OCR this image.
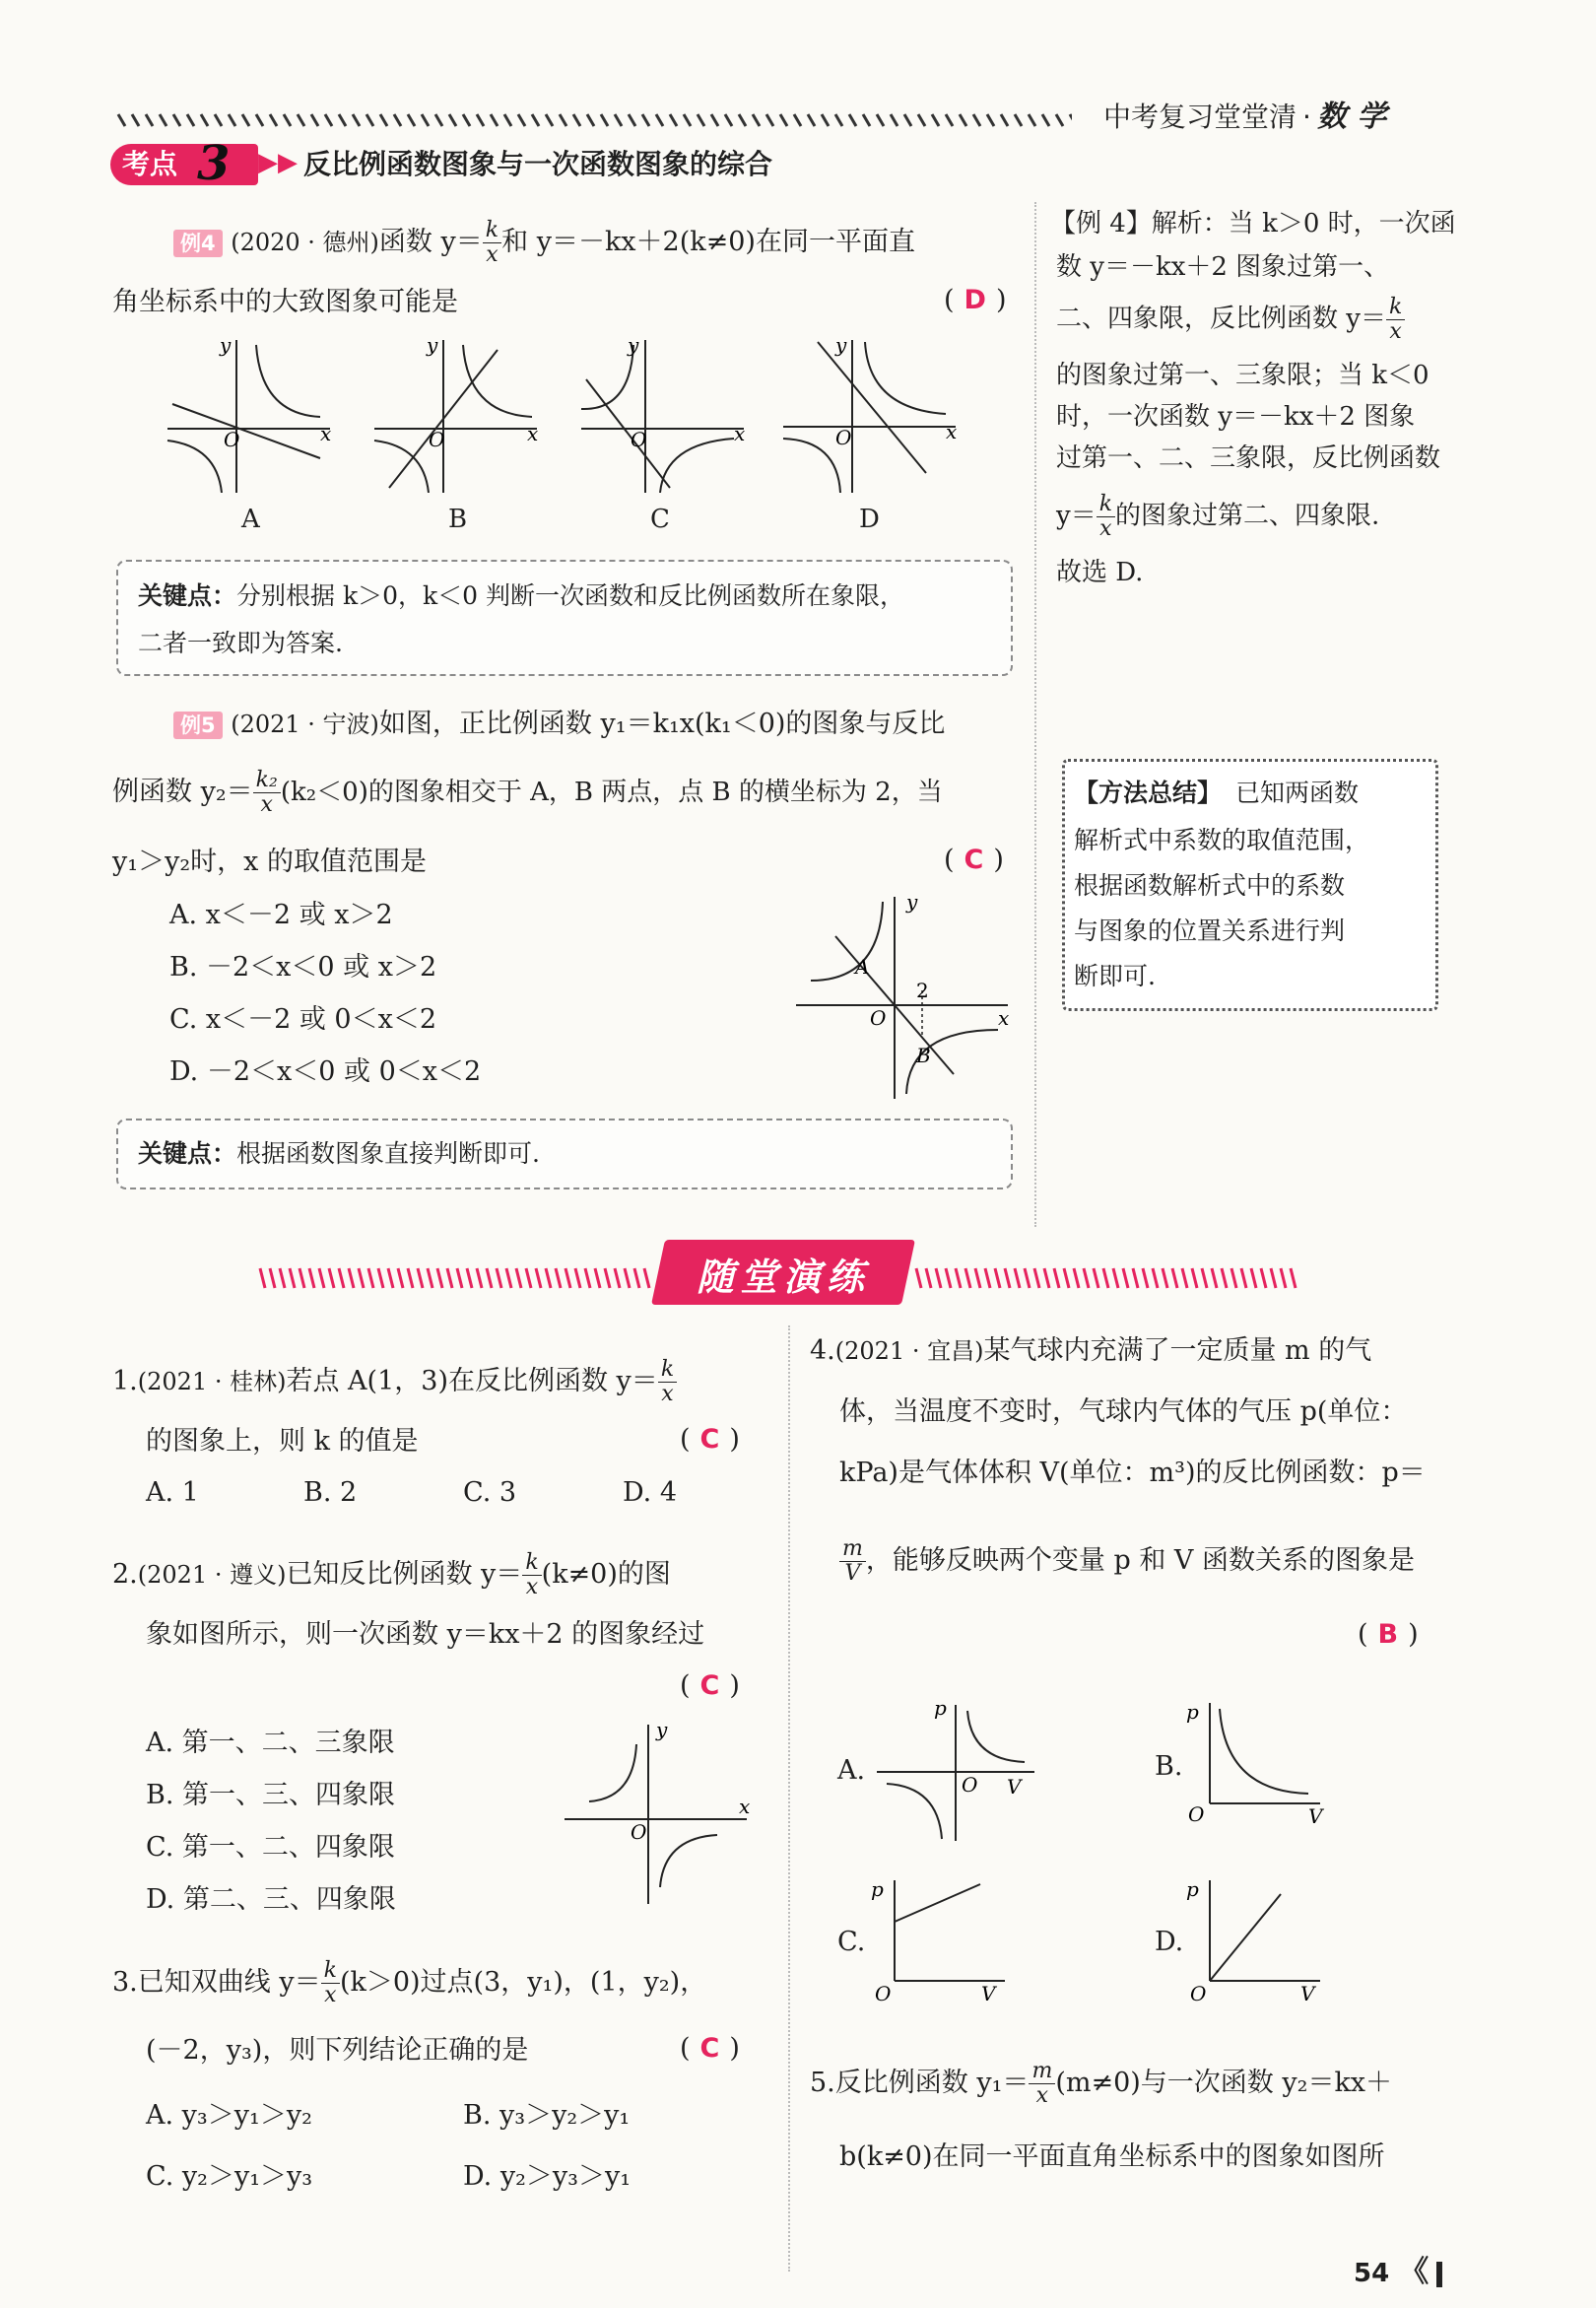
中考复习堂堂清 · 数 学
考点 3 ▶▶ 反比例函数图象与一次函数图象的综合
例4 (2020 · 德州)函数 $y= \frac{k}{x}$ 和 y＝－kx＋2(k≠0)在同一平面直
角坐标系中的大致图象可能是	( D )
O	x
y
O	x
y
O	x
y
O	x
y
A	B	C	D
关键点：分别根据 k＞0，k＜0 判断一次函数和反比例函数所在象限，
二者一致即为答案.
【例 4】解析：当 k＞0 时，一次函
数 y＝－kx＋2 图象过第一、
二、四象限，反比例函数 $y= \frac{k}{x}$
的图象过第一、三象限；当 k＜0
时，一次函数 y＝－kx＋2 图象
过第一、二、三象限，反比例函数
$y= \frac{k}{x}$ 的图象过第二、四象限.
故选 D.
例5 (2021 · 宁波)如图，正比例函数 y₁＝k₁x(k₁＜0)的图象与反比
例函数 $y_2= \frac{\text{k₂}}{x} (k_2<0)$的图象相交于 A，B 两点，点 B 的横坐标为 2，当
y₁＞y₂时，x 的取值范围是	( C )
A. x＜－2 或 x＞2
B. －2＜x＜0 或 x＞2
C. x＜－2 或 0＜x＜2
D. －2＜x＜0 或 0＜x＜2
A
B
2
O	x
y
关键点：根据函数图象直接判断即可.
【方法总结】 已知两函数
解析式中系数的取值范围，
根据函数解析式中的系数
与图象的位置关系进行判
断即可.
随堂演练
1.(2021 · 桂林)若点 A(1，3)在反比例函数 $y= \frac{k}{x}$
的图象上，则 k 的值是	( C )
A. 1	B. 2	C. 3	D. 4
2.(2021 · 遵义)已知反比例函数 $y= \frac{k}{x} (k\ne 0)$的图
象如图所示，则一次函数 y＝kx＋2 的图象经过
( C )
A. 第一、二、三象限
B. 第一、三、四象限
C. 第一、二、四象限
D. 第二、三、四象限
O
x
y
3.已知双曲线 $y= \frac{k}{x} (k>0)$过点(3，y₁)，(1，y₂)，
(－2，y₃)，则下列结论正确的是	( C )
A. y₃＞y₁＞y₂	B. y₃＞y₂＞y₁
C. y₂＞y₁＞y₃	D. y₂＞y₃＞y₁
4.(2021 · 宜昌)某气球内充满了一定质量 m 的气
体，当温度不变时，气球内气体的气压 p(单位：
kPa)是气体体积 V(单位：m³)的反比例函数：p＝
$\frac{m}{V}$ ，能够反映两个变量 p 和 V 函数关系的图象是
( B )
A.
p
O V
B.
p
O	V
C.
p
O	V
D.
p
O	V
5.反比例函数 $y_1= \frac{m}{x} (m\ne 0)$与一次函数 y₂＝kx＋
b(k≠0)在同一平面直角坐标系中的图象如图所
54 《
